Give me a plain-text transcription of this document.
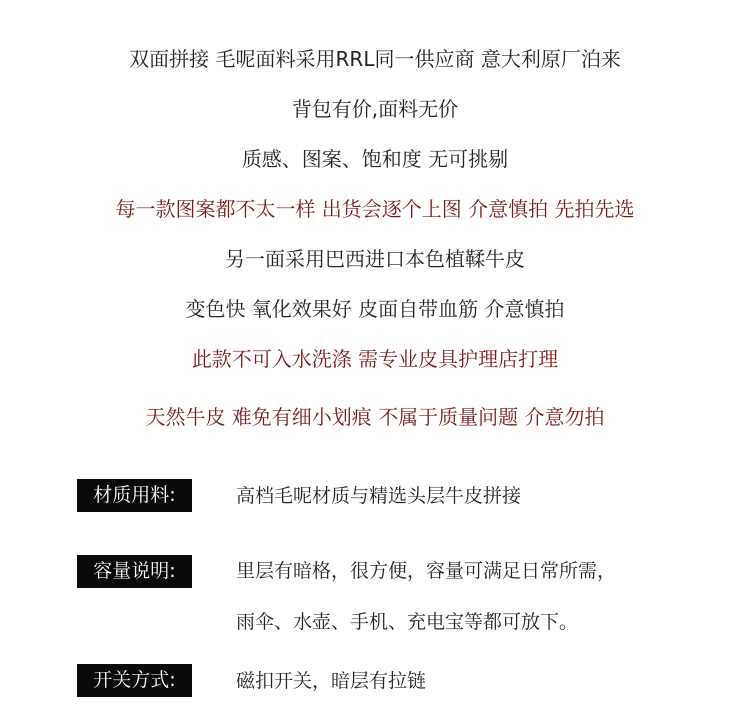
双面拼接 毛呢面料采用RRL同一供应商 意大利原厂泊来
背包有价,面料无价
质感、图案、饱和度 无可挑剔
每一款图案都不太一样 出货会逐个上图 介意慎拍 先拍先选
另一面采用巴西进口本色植鞣牛皮
变色快 氧化效果好 皮面自带血筋 介意慎拍
此款不可入水洗涤 需专业皮具护理店打理
天然牛皮 难免有细小划痕 不属于质量问题 介意勿拍
材质用料:	高档毛呢材质与精选头层牛皮拼接
容量说明:	里层有暗格，很方便，容量可满足日常所需，
雨伞、水壶、手机、充电宝等都可放下。
开关方式:	磁扣开关，暗层有拉链
